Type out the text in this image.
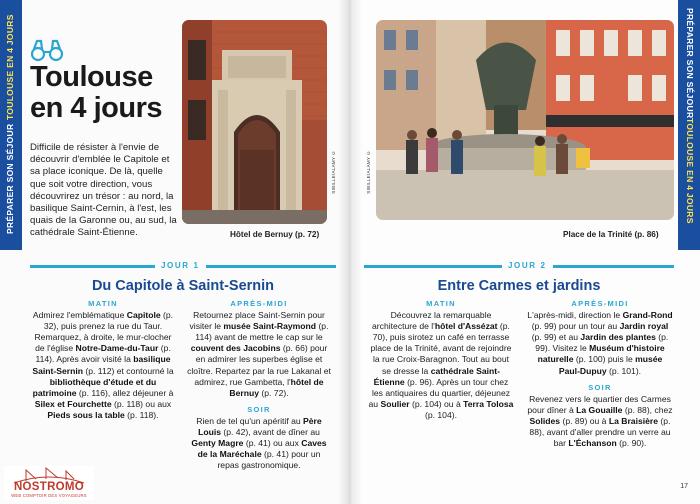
TOULOUSE EN 4 JOURS
PRÉPARER SON SÉJOUR
PRÉPARER SON SÉJOUR
TOULOUSE EN 4 JOURS
Toulouse
en 4 jours

Difficile de résister à l'envie de découvrir d'emblée le Capitole et sa place iconique. De là, quelle que soit votre direction, vous découvrirez un trésor : au nord, la basilique Saint-Cernin, à l'est, les quais de la Garonne ou, au sud, la cathédrale Saint-Étienne.

SIBILLE/ALAMY ©
Hôtel de Bernuy (p. 72)
SIBILLE/ALAMY ©
Place de la Trinité (p. 86)
JOUR 1
Du Capitole à Saint-Sernin
JOUR 2
Entre Carmes et jardins
MATIN
Admirez l'emblématique Capitole (p. 32), puis prenez la rue du Taur. Remarquez, à droite, le mur-clocher de l'église Notre-Dame-du-Taur (p. 114). Après avoir visité la basilique Saint-Sernin (p. 112) et contourné la bibliothèque d'étude et du patrimoine (p. 116), allez déjeuner à Silex et Fourchette (p. 118) ou aux Pieds sous la table (p. 118).
APRÈS-MIDI
Retournez place Saint-Sernin pour visiter le musée Saint-Raymond (p. 114) avant de mettre le cap sur le couvent des Jacobins (p. 66) pour en admirer les superbes église et cloître. Repartez par la rue Lakanal et admirez, rue Gambetta, l'hôtel de Bernuy (p. 72).
SOIR
Rien de tel qu'un apéritif au Père Louis (p. 42), avant de dîner au Genty Magre (p. 41) ou aux Caves de la Maréchale (p. 41) pour un repas gastronomique.
MATIN
Découvrez la remarquable architecture de l'hôtel d'Assézat (p. 70), puis sirotez un café en terrasse place de la Trinité, avant de rejoindre la rue Croix-Baragnon. Tout au bout se dresse la cathédrale Saint-Étienne (p. 96). Après un tour chez les antiquaires du quartier, déjeunez au Soulier (p. 104) ou à Terra Tolosa (p. 104).
APRÈS-MIDI
L'après-midi, direction le Grand-Rond (p. 99) pour un tour au Jardin royal (p. 99) et au Jardin des plantes (p. 99). Visitez le Muséum d'histoire naturelle (p. 100) puis le musée Paul-Dupuy (p. 101).
SOIR
Revenez vers le quartier des Carmes pour dîner à La Gouaille (p. 88), chez Solides (p. 89) ou à La Braisière (p. 88), avant d'aller prendre un verre au bar L'Échanson (p. 90).
17
NOSTROMO
WEB COMPTOIR DES VOYAGEURS
